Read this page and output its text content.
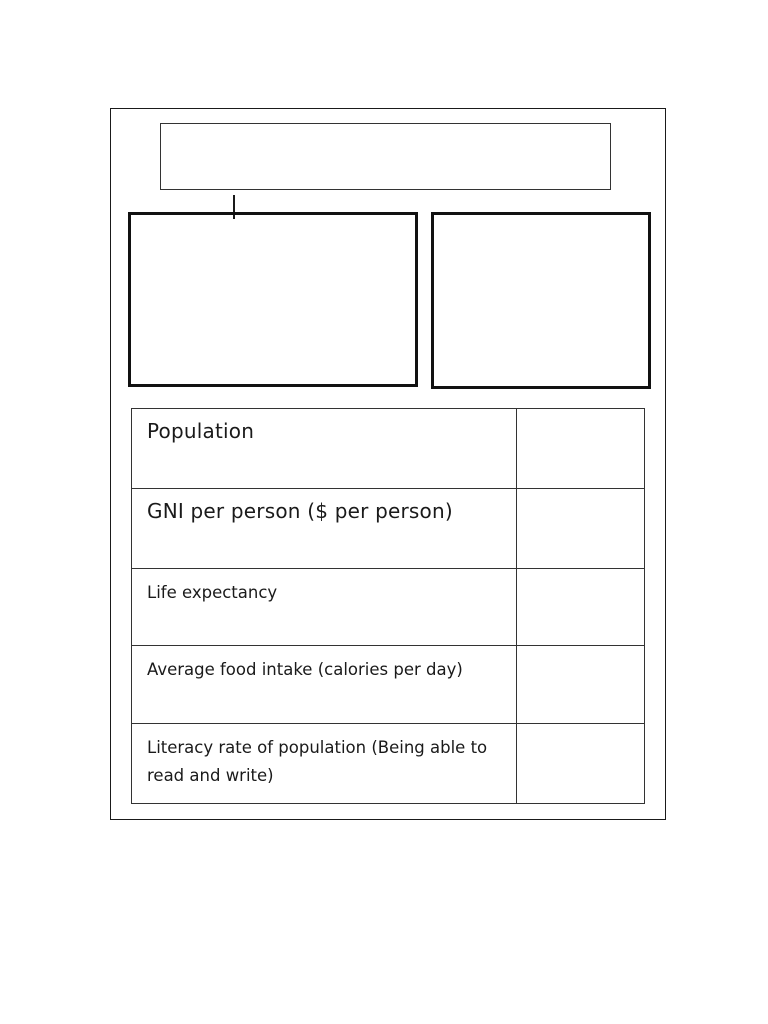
Population	
GNI per person ($ per person)	
Life expectancy	
Average food intake (calories per day)	

Literacy rate of population (Being able to read and write)	
